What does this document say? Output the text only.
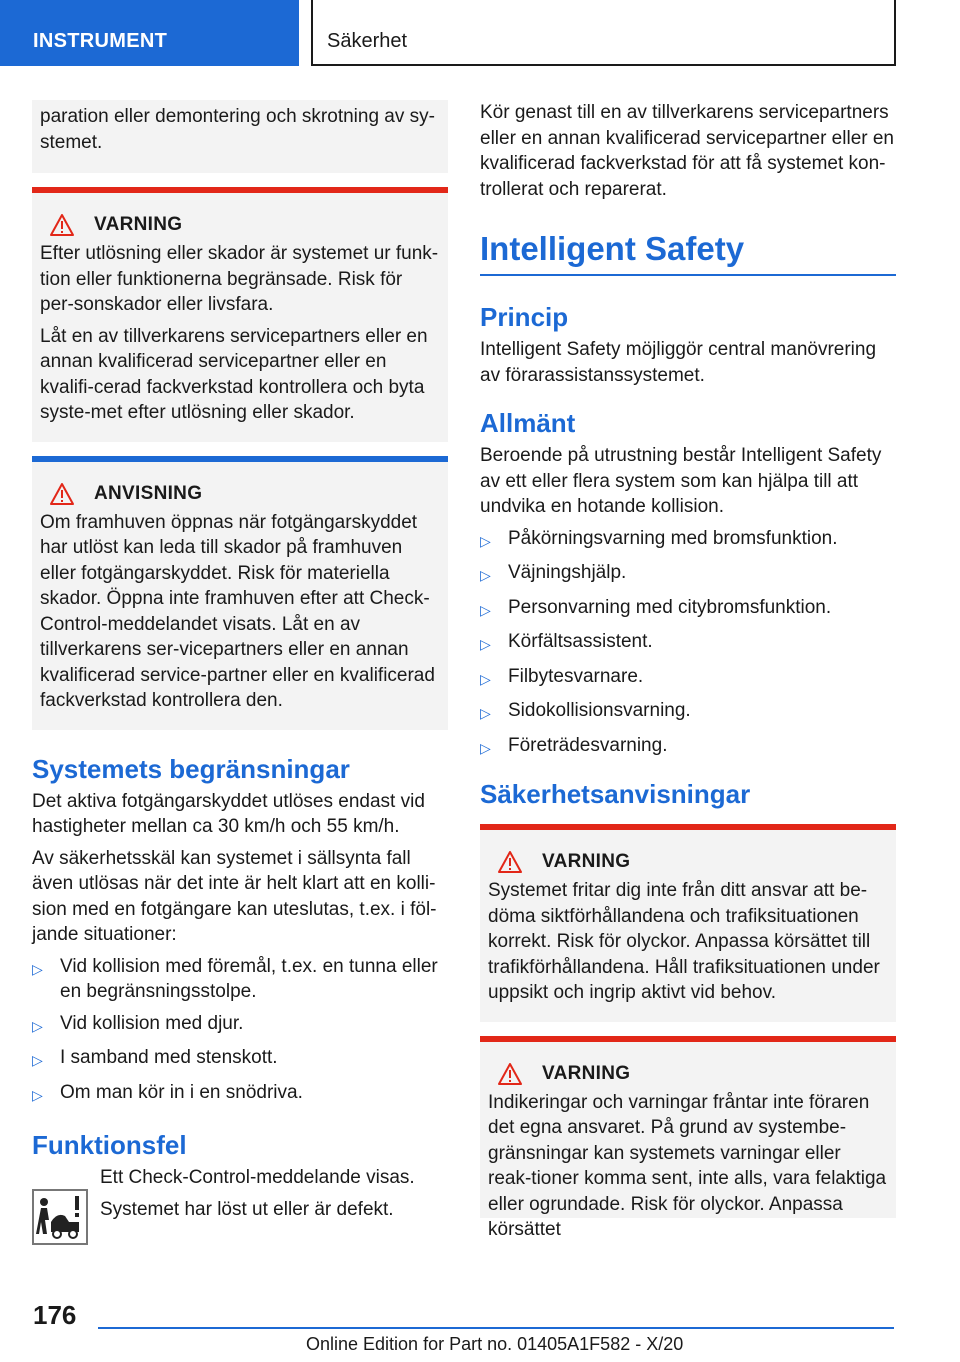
INSTRUMENT	Säkerhet
paration eller demontering och skrotning av sy-stemet.
VARNING
Efter utlösning eller skador är systemet ur funk-tion eller funktionerna begränsade. Risk för per-sonskador eller livsfara.
Låt en av tillverkarens servicepartners eller en annan kvalificerad servicepartner eller en kvalifi-cerad fackverkstad kontrollera och byta syste-met efter utlösning eller skador.
ANVISNING
Om framhuven öppnas när fotgängarskyddet har utlöst kan leda till skador på framhuven eller fotgängarskyddet. Risk för materiella skador. Öppna inte framhuven efter att Check-Control-meddelandet visats. Låt en av tillverkarens ser-vicepartners eller en annan kvalificerad service-partner eller en kvalificerad fackverkstad kontrollera den.
Systemets begränsningar
Det aktiva fotgängarskyddet utlöses endast vid hastigheter mellan ca 30 km/h och 55 km/h.
Av säkerhetsskäl kan systemet i sällsynta fall även utlösas när det inte är helt klart att en kolli-sion med en fotgängare kan uteslutas, t.ex. i föl-jande situationer:
▷ Vid kollision med föremål, t.ex. en tunna eller en begränsningsstolpe.
▷ Vid kollision med djur.
▷ I samband med stenskott.
▷ Om man kör in i en snödriva.
Funktionsfel
Ett Check-Control-meddelande visas.
Systemet har löst ut eller är defekt.
Kör genast till en av tillverkarens servicepartners eller en annan kvalificerad servicepartner eller en kvalificerad fackverkstad för att få systemet kon-trollerat och reparerat.
Intelligent Safety
Princip
Intelligent Safety möjliggör central manövrering av förarassistanssystemet.
Allmänt
Beroende på utrustning består Intelligent Safety av ett eller flera system som kan hjälpa till att undvika en hotande kollision.
▷ Påkörningsvarning med bromsfunktion.
▷ Väjningshjälp.
▷ Personvarning med citybromsfunktion.
▷ Körfältsassistent.
▷ Filbytesvarnare.
▷ Sidokollisionsvarning.
▷ Företrädesvarning.
Säkerhetsanvisningar
VARNING
Systemet fritar dig inte från ditt ansvar att be-döma siktförhållandena och trafiksituationen korrekt. Risk för olyckor. Anpassa körsättet till trafikförhållandena. Håll trafiksituationen under uppsikt och ingrip aktivt vid behov.
VARNING
Indikeringar och varningar fråntar inte föraren det egna ansvaret. På grund av systembe-gränsningar kan systemets varningar eller reak-tioner komma sent, inte alls, vara felaktiga eller ogrundade. Risk för olyckor. Anpassa körsättet
176
Online Edition for Part no. 01405A1F582 - X/20
